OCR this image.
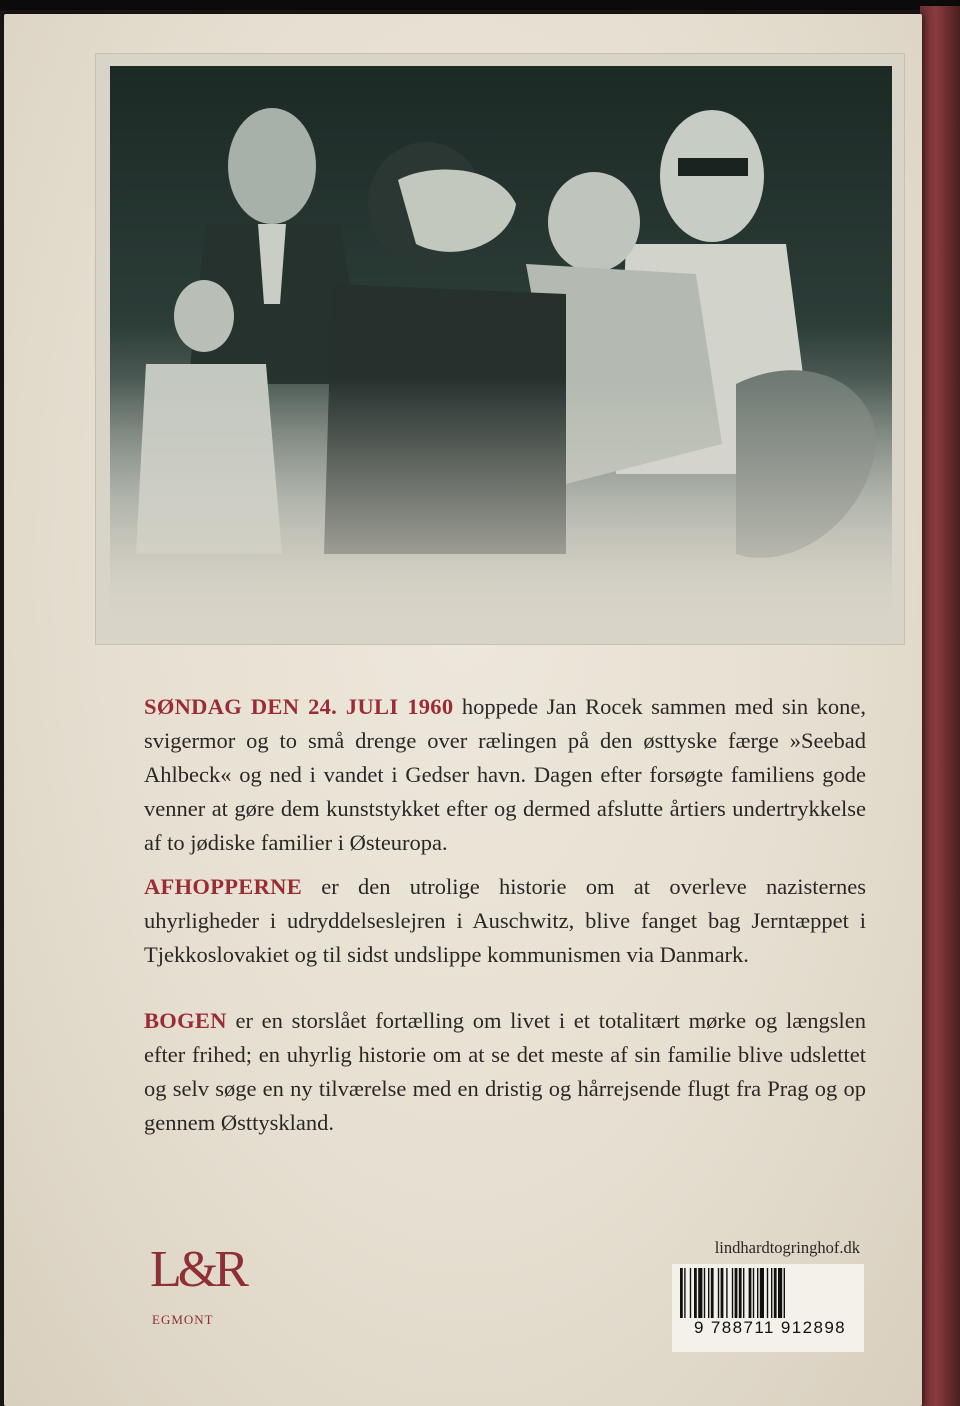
SØNDAG DEN 24. JULI 1960 hoppede Jan Rocek sammen med sin kone, svigermor og to små drenge over rælingen på den østtyske færge »Seebad Ahlbeck« og ned i vandet i Gedser havn. Dagen efter forsøgte familiens gode venner at gøre dem kunststykket efter og dermed afslutte årtiers undertrykkelse af to jødiske familier i Østeuropa.

AFHOPPERNE er den utrolige historie om at overleve nazisternes uhyrligheder i udryddelseslejren i Auschwitz, blive fanget bag Jerntæppet i Tjekkoslovakiet og til sidst undslippe kommunismen via Danmark.

BOGEN er en storslået fortælling om livet i et totalitært mørke og længslen efter frihed; en uhyrlig historie om at se det meste af sin familie blive udslettet og selv søge en ny tilværelse med en dristig og hårrejsende flugt fra Prag og op gennem Østtyskland.

L&R
EGMONT
lindhardtogringhof.dk
9 788711 912898
